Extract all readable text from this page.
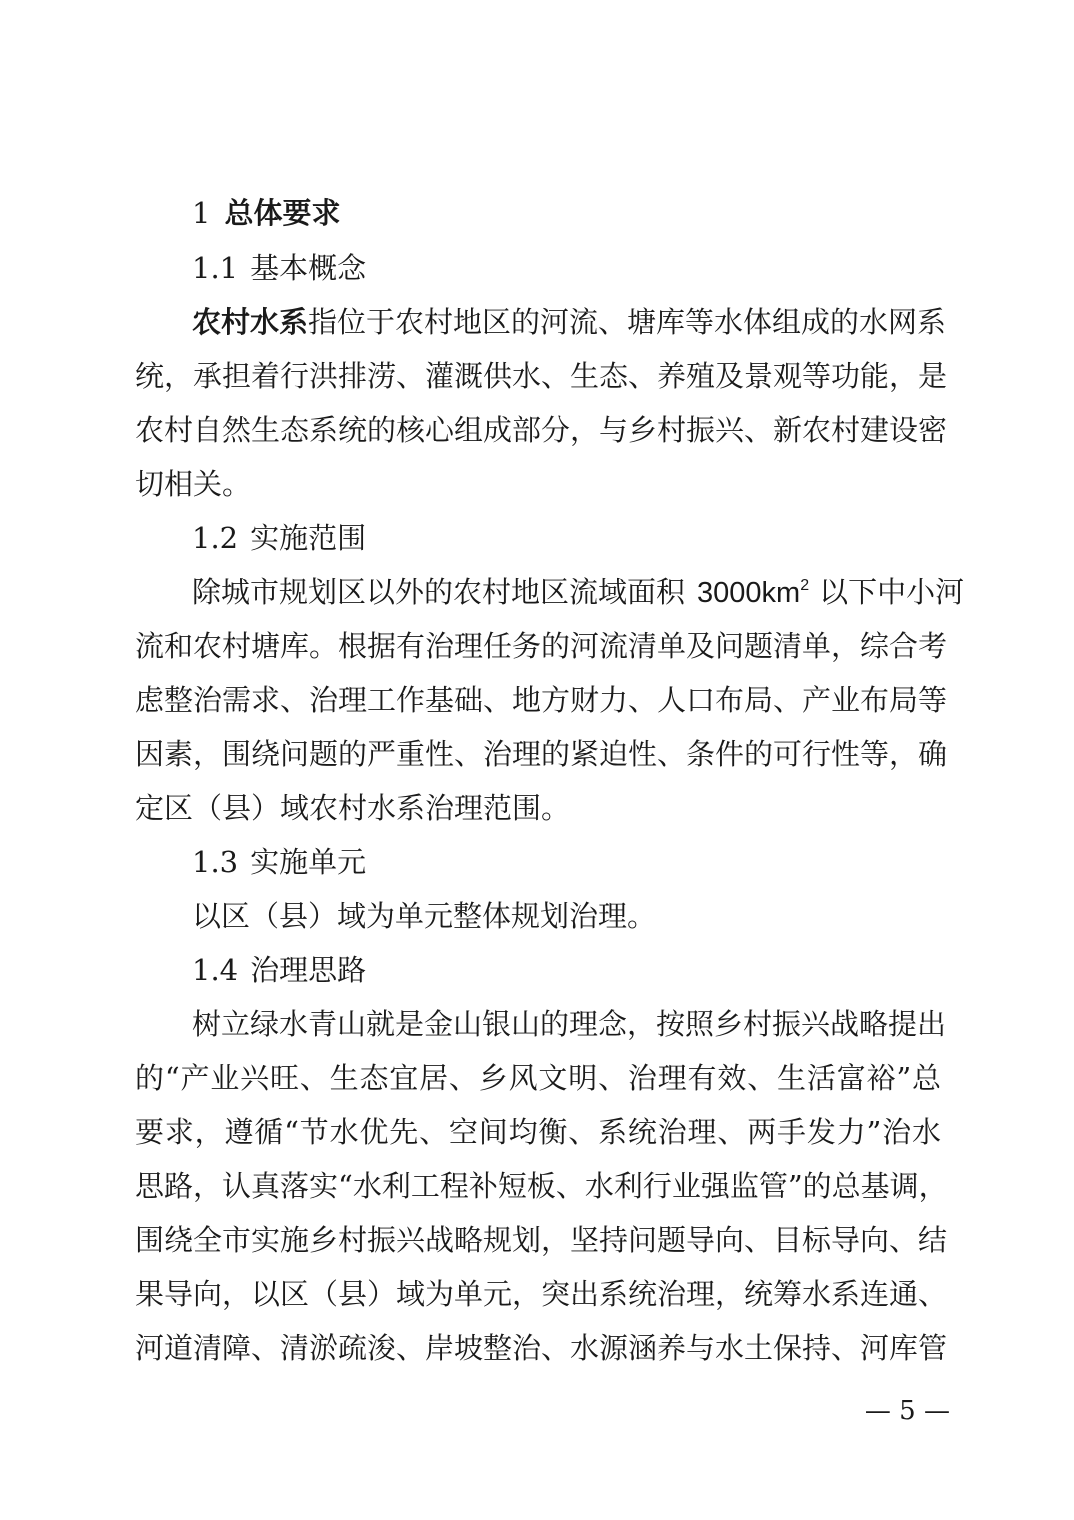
1 总体要求
1.1 基本概念
农村水系指位于农村地区的河流、塘库等水体组成的水网系
统，承担着行洪排涝、灌溉供水、生态、养殖及景观等功能，是
农村自然生态系统的核心组成部分，与乡村振兴、新农村建设密
切相关。
1.2 实施范围
除城市规划区以外的农村地区流域面积 $3000km^2$ 以下中小河
流和农村塘库。根据有治理任务的河流清单及问题清单，综合考
虑整治需求、治理工作基础、地方财力、人口布局、产业布局等
因素，围绕问题的严重性、治理的紧迫性、条件的可行性等，确
定区（县）域农村水系治理范围。
1.3 实施单元
以区（县）域为单元整体规划治理。
1.4 治理思路
树立绿水青山就是金山银山的理念，按照乡村振兴战略提出
的“产业兴旺、生态宜居、乡风文明、治理有效、生活富裕”总
要求，遵循“节水优先、空间均衡、系统治理、两手发力”治水
思路，认真落实“水利工程补短板、水利行业强监管”的总基调，
围绕全市实施乡村振兴战略规划，坚持问题导向、目标导向、结
果导向，以区（县）域为单元，突出系统治理，统筹水系连通、
河道清障、清淤疏浚、岸坡整治、水源涵养与水土保持、河库管
— 5 —
